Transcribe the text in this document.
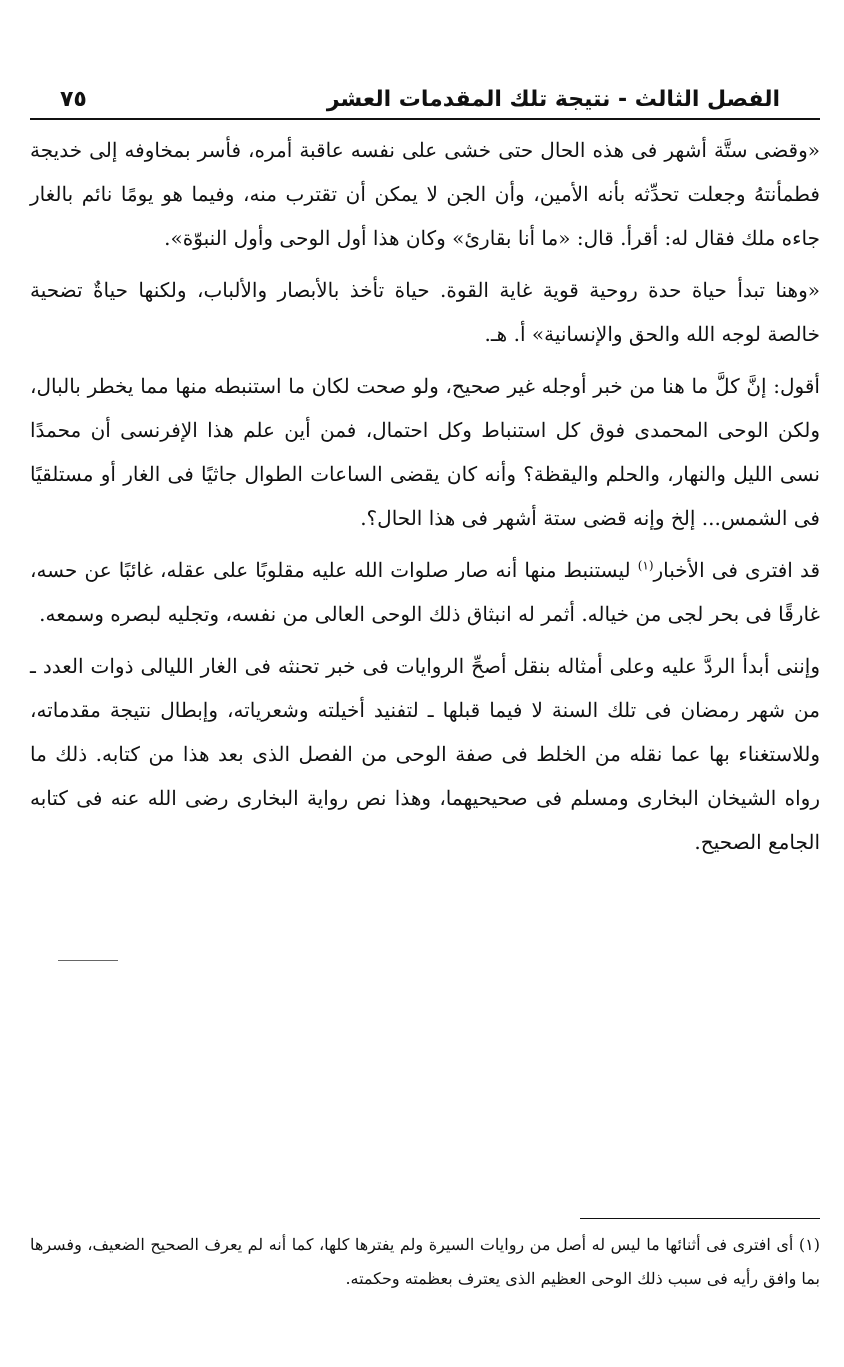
الفصل الثالث - نتيجة تلك المقدمات العشر
٧٥

«وقضى ستَّة أشهر فى هذه الحال حتى خشى على نفسه عاقبة أمره، فأسر بمخاوفه إلى خديجة فطمأنتهُ وجعلت تحدِّثه بأنه الأمين، وأن الجن لا يمكن أن تقترب منه، وفيما هو يومًا نائم بالغار جاءه ملك فقال له: أقرأ. قال: «ما أنا بقارئ» وكان هذا أول الوحى وأول النبوّة».

«وهنا تبدأ حياة حدة روحية قوية غاية القوة. حياة تأخذ بالأبصار والألباب، ولكنها حياةٌ تضحية خالصة لوجه الله والحق والإنسانية» أ. هـ.

أقول: إنَّ كلَّ ما هنا من خبر أوجله غير صحيح، ولو صحت لكان ما استنبطه منها مما يخطر بالبال، ولكن الوحى المحمدى فوق كل استنباط وكل احتمال، فمن أين علم هذا الإفرنسى أن محمدًا نسى الليل والنهار، والحلم واليقظة؟ وأنه كان يقضى الساعات الطوال جاثيًا فى الغار أو مستلقيًا فى الشمس... إلخ وإنه قضى ستة أشهر فى هذا الحال؟.

قد افترى فى الأخبار$^{(١)}$ ليستنبط منها أنه صار صلوات الله عليه مقلوبًا على عقله، غائبًا عن حسه، غارقًا فى بحر لجى من خياله. أثمر له انبثاق ذلك الوحى العالى من نفسه، وتجليه لبصره وسمعه.

وإننى أبدأ الردَّ عليه وعلى أمثاله بنقل أصحِّ الروايات فى خبر تحنثه فى الغار الليالى ذوات العدد ـ من شهر رمضان فى تلك السنة لا فيما قبلها ـ لتفنيد أخيلته وشعرياته، وإبطال نتيجة مقدماته، وللاستغناء بها عما نقله من الخلط فى صفة الوحى من الفصل الذى بعد هذا من كتابه. ذلك ما رواه الشيخان البخارى ومسلم فى صحيحيهما، وهذا نص رواية البخارى رضى الله عنه فى كتابه الجامع الصحيح.

(١) أى افترى فى أثنائها ما ليس له أصل من روايات السيرة ولم يفترها كلها، كما أنه لم يعرف الصحيح الضعيف، وفسرها بما وافق رأيه فى سبب ذلك الوحى العظيم الذى يعترف بعظمته وحكمته.
